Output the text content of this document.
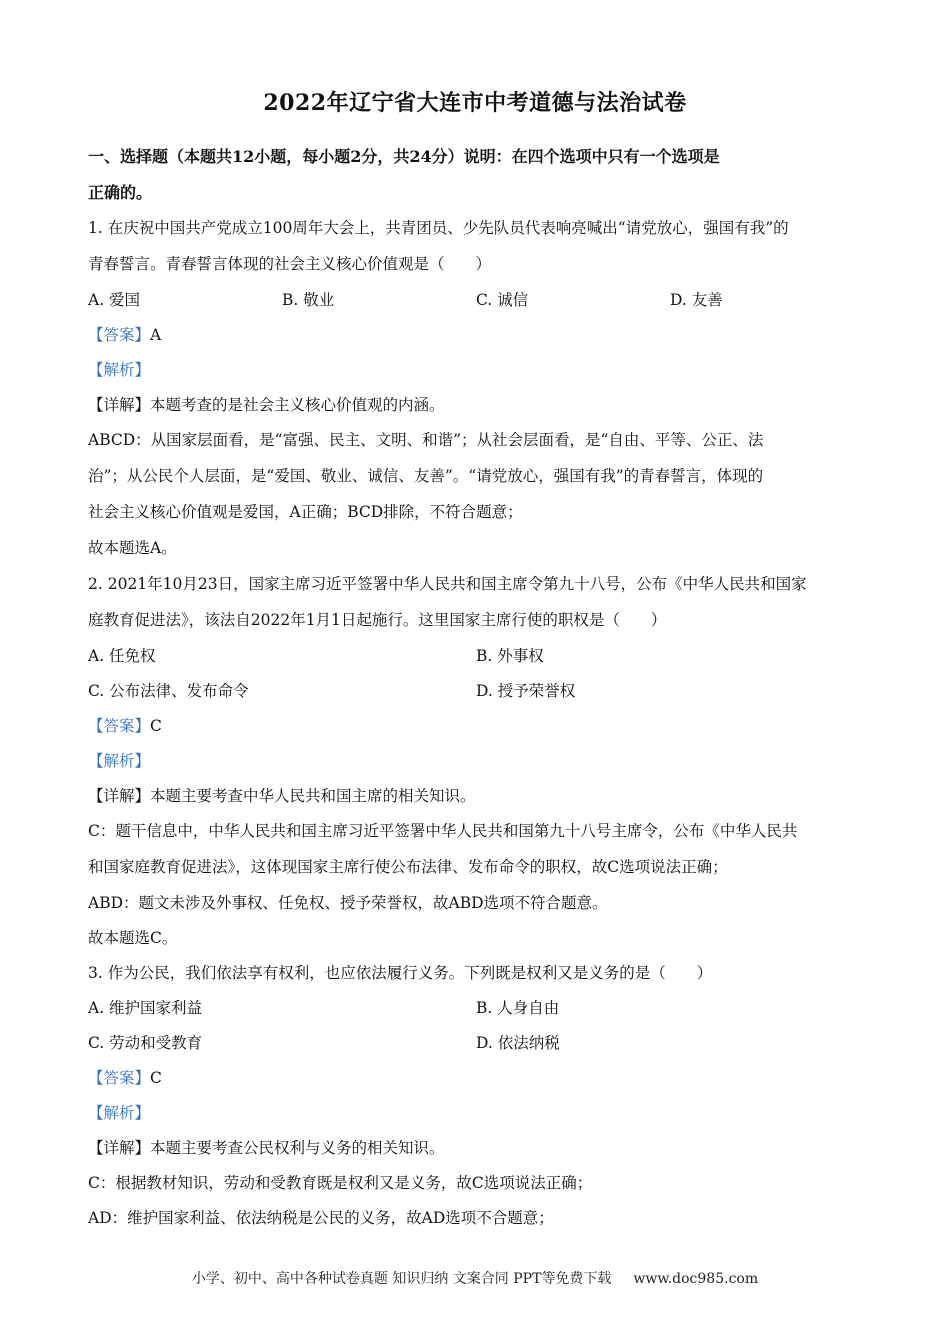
2022年辽宁省大连市中考道德与法治试卷
一、选择题（本题共12小题，每小题2分，共24分）说明：在四个选项中只有一个选项是
正确的。
1. 在庆祝中国共产党成立100周年大会上，共青团员、少先队员代表响亮喊出“请党放心，强国有我”的
青春誓言。青春誓言体现的社会主义核心价值观是（　　）
A. 爱国	B. 敬业	C. 诚信	D. 友善
【答案】A
【解析】
【详解】本题考查的是社会主义核心价值观的内涵。
ABCD：从国家层面看，是“富强、民主、文明、和谐”；从社会层面看，是“自由、平等、公正、法
治”；从公民个人层面，是“爱国、敬业、诚信、友善”。“请党放心，强国有我”的青春誓言，体现的
社会主义核心价值观是爱国，A正确；BCD排除，不符合题意；
故本题选A。
2. 2021年10月23日，国家主席习近平签署中华人民共和国主席令第九十八号，公布《中华人民共和国家
庭教育促进法》，该法自2022年1月1日起施行。这里国家主席行使的职权是（　　）
A. 任免权	B. 外事权
C. 公布法律、发布命令	D. 授予荣誉权
【答案】C
【解析】
【详解】本题主要考查中华人民共和国主席的相关知识。
C：题干信息中，中华人民共和国主席习近平签署中华人民共和国第九十八号主席令，公布《中华人民共
和国家庭教育促进法》，这体现国家主席行使公布法律、发布命令的职权，故C选项说法正确；
ABD：题文未涉及外事权、任免权、授予荣誉权，故ABD选项不符合题意。
故本题选C。
3. 作为公民，我们依法享有权利，也应依法履行义务。下列既是权利又是义务的是（　　）
A. 维护国家利益	B. 人身自由
C. 劳动和受教育	D. 依法纳税
【答案】C
【解析】
【详解】本题主要考查公民权利与义务的相关知识。
C：根据教材知识，劳动和受教育既是权利又是义务，故C选项说法正确；
AD：维护国家利益、依法纳税是公民的义务，故AD选项不合题意；
小学、初中、高中各种试卷真题 知识归纳 文案合同 PPT等免费下载 www.doc985.com
